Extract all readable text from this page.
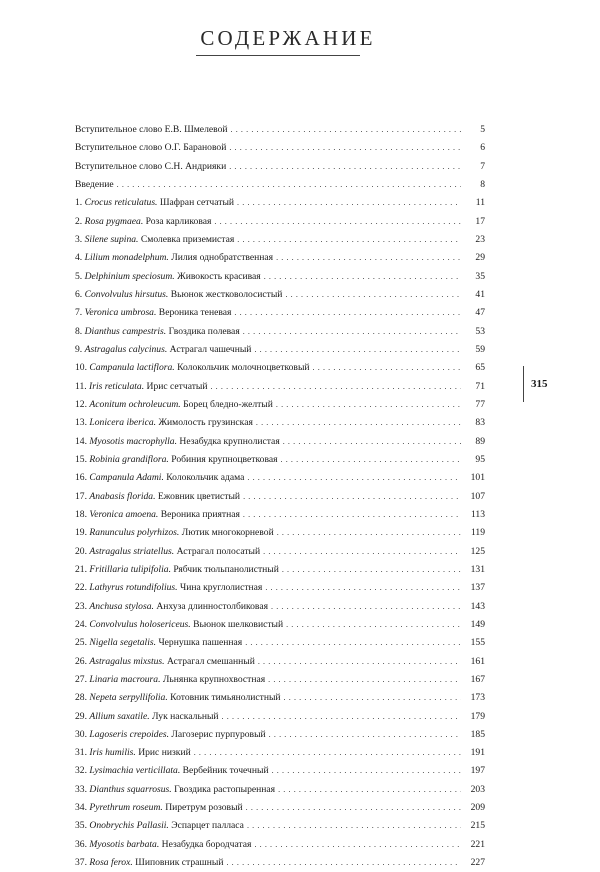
СОДЕРЖАНИЕ
Вступительное слово Е.В. Шмелевой . . .	5
Вступительное слово О.Г. Барановой . . .	6
Вступительное слово С.Н. Андрияки . . .	7
Введение . . .	8
1. Crocus reticulatus. Шафран сетчатый . . .	11
2. Rosa pygmaea. Роза карликовая . . .	17
3. Silene supina. Смолевка приземистая . . .	23
4. Lilium monadelphum. Лилия однобратственная . . .	29
5. Delphinium speciosum. Живокость красивая . . .	35
6. Convolvulus hirsutus. Вьюнок жестковолосистый . . .	41
7. Veronica umbrosa. Вероника теневая . . .	47
8. Dianthus campestris. Гвоздика полевая . . .	53
9. Astragalus calycinus. Астрагал чашечный . . .	59
10. Campanula lactiflora. Колокольчик молочноцветковый . . .	65
11. Iris reticulata. Ирис сетчатый . . .	71
12. Aconitum ochroleucum. Борец бледно-желтый . . .	77
13. Lonicera iberica. Жимолость грузинская . . .	83
14. Myosotis macrophylla. Незабудка крупнолистая . . .	89
15. Robinia grandiflora. Робиния крупноцветковая . . .	95
16. Campanula Adami. Колокольчик адама . . .	101
17. Anabasis florida. Ежовник цветистый . . .	107
18. Veronica amoena. Вероника приятная . . .	113
19. Ranunculus polyrhizos. Лютик многокорневой . . .	119
20. Astragalus striatellus. Астрагал полосатый . . .	125
21. Fritillaria tulipifolia. Рябчик тюльпанолистный . . .	131
22. Lathyrus rotundifolius. Чина круглолистная . . .	137
23. Anchusa stylosa. Анхуза длинностолбиковая . . .	143
24. Convolvulus holosericeus. Вьюнок шелковистый . . .	149
25. Nigella segetalis. Чернушка пашенная . . .	155
26. Astragalus mixstus. Астрагал смешанный . . .	161
27. Linaria macroura. Льнянка крупнохвостная . . .	167
28. Nepeta serpyllifolia. Котовник тимьянолистный . . .	173
29. Allium saxatile. Лук наскальный . . .	179
30. Lagoseris crepoides. Лагозерис пурпуровый . . .	185
31. Iris humilis. Ирис низкий . . .	191
32. Lysimachia verticillata. Вербейник точечный . . .	197
33. Dianthus squarrosus. Гвоздика растопыренная . . .	203
34. Pyrethrum roseum. Пиретрум розовый . . .	209
35. Onobrychis Pallasii. Эспарцет палласа . . .	215
36. Myosotis barbata. Незабудка бородчатая . . .	221
37. Rosa ferox. Шиповник страшный . . .	227
315
